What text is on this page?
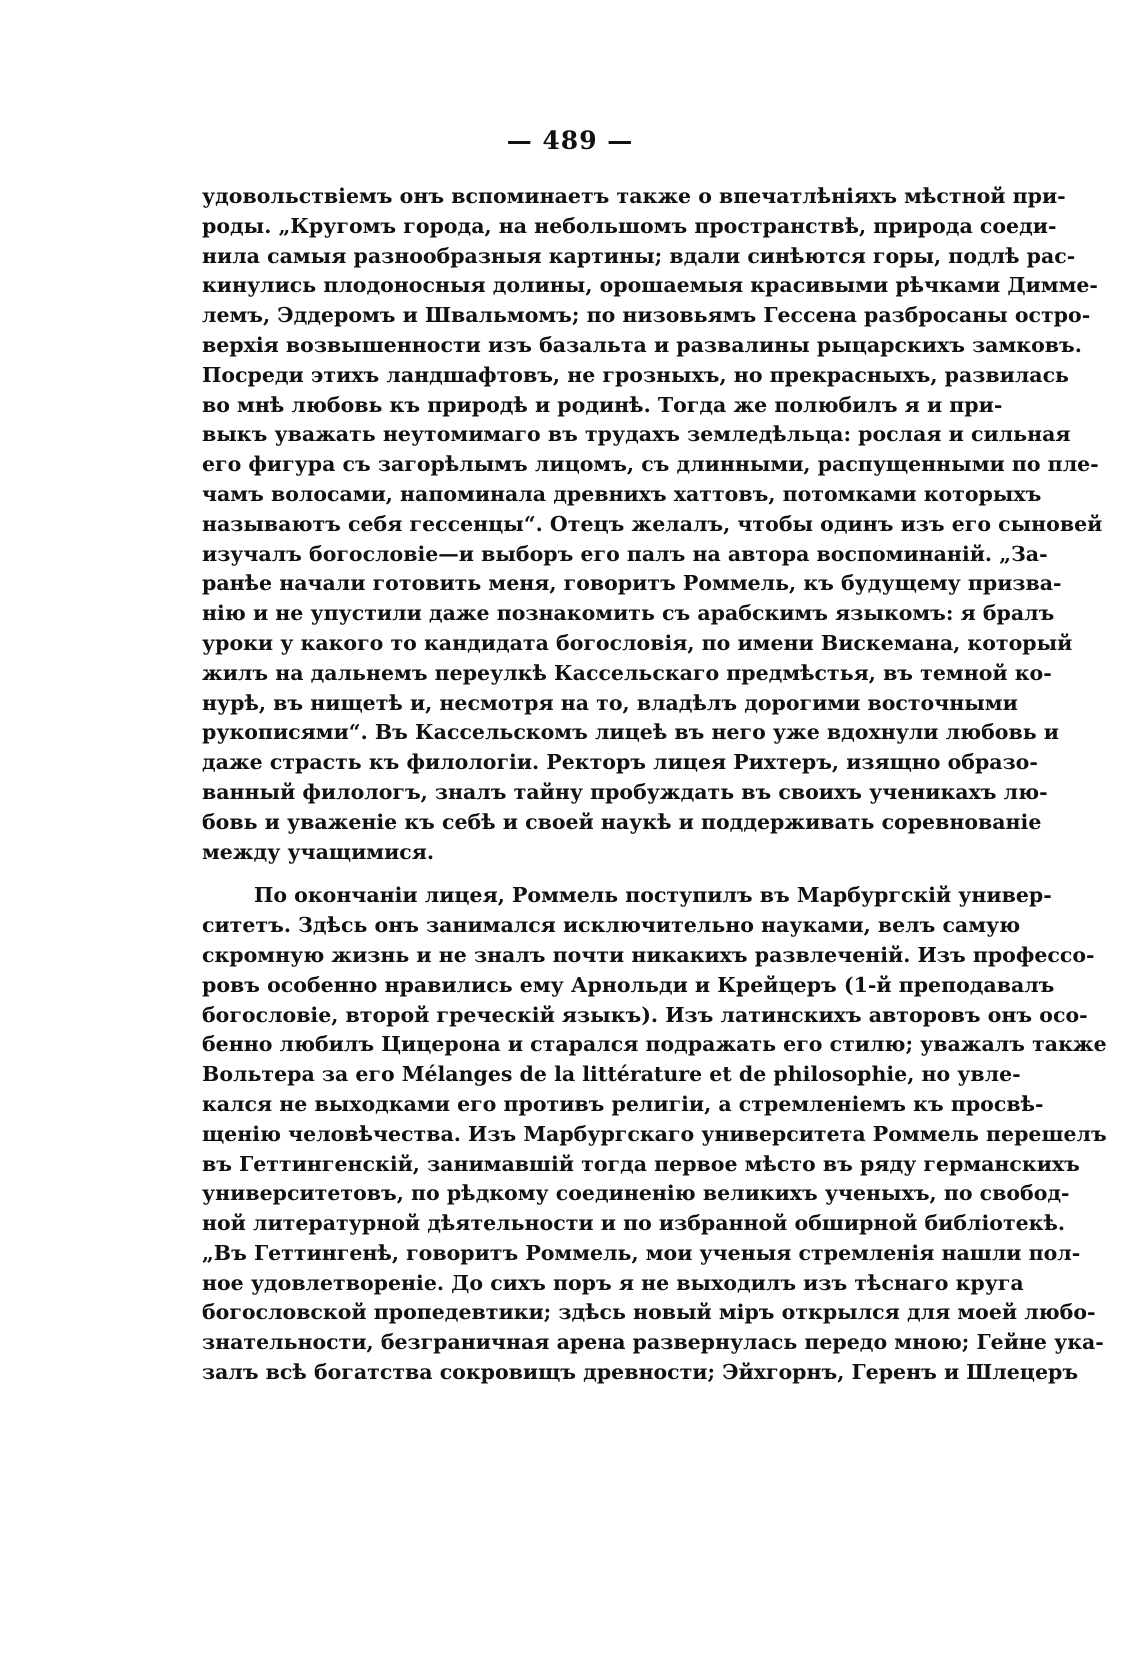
— 489 —
удовольствіемъ онъ вспоминаетъ также о впечатлѣніяхъ мѣстной при-
роды. „Кругомъ города, на небольшомъ пространствѣ, природа соеди-
нила самыя разнообразныя картины; вдали синѣются горы, подлѣ рас-
кинулись плодоносныя долины, орошаемыя красивыми рѣчками Диммe-
лемъ, Эддеромъ и Швальмомъ; по низовьямъ Гессена разбросаны остро-
верхія возвышенности изъ базальта и развалины рыцарскихъ замковъ.
Посреди этихъ ландшафтовъ, не грозныхъ, но прекрасныхъ, развилась
во мнѣ любовь къ природѣ и родинѣ. Тогда же полюбилъ я и при-
выкъ уважать неутомимаго въ трудахъ земледѣльца: рослая и сильная
его фигура съ загорѣлымъ лицомъ, съ длинными, распущенными по пле-
чамъ волосами, напоминала древнихъ хаттовъ, потомками которыхъ
называютъ себя гессенцы“. Отецъ желалъ, чтобы одинъ изъ его сыновей
изучалъ богословіе—и выборъ его палъ на автора воспоминаній. „За-
ранѣе начали готовить меня, говоритъ Роммель, къ будущему призва-
нію и не упустили даже познакомить съ арабскимъ языкомъ: я бралъ
уроки у какого то кандидата богословія, по имени Вискемана, который
жилъ на дальнемъ переулкѣ Кассельскаго предмѣстья, въ темной ко-
нурѣ, въ нищетѣ и, несмотря на то, владѣлъ дорогими восточными
рукописями“. Въ Кассельскомъ лицеѣ въ него уже вдохнули любовь и
даже страсть къ филологіи. Ректоръ лицея Рихтеръ, изящно образо-
ванный филологъ, зналъ тайну пробуждать въ своихъ ученикахъ лю-
бовь и уваженіе къ себѣ и своей наукѣ и поддерживать соревнованіе
между учащимися.
По окончаніи лицея, Роммель поступилъ въ Марбургскій универ-
ситетъ. Здѣсь онъ занимался исключительно науками, велъ самую
скромную жизнь и не зналъ почти никакихъ развлеченій. Изъ профессо-
ровъ особенно нравились ему Арнольди и Крейцеръ (1-й преподавалъ
богословіе, второй греческій языкъ). Изъ латинскихъ авторовъ онъ осо-
бенно любилъ Цицерона и старался подражать его стилю; уважалъ также
Вольтера за его Mélanges de la littérature et de philosophie, но увле-
кался не выходками его противъ религіи, а стремленіемъ къ просвѣ-
щенію человѣчества. Изъ Марбургскаго университета Роммель перешелъ
въ Геттингенскій, занимавшій тогда первое мѣсто въ ряду германскихъ
университетовъ, по рѣдкому соединенію великихъ ученыхъ, по свобод-
ной литературной дѣятельности и по избранной обширной библіотекѣ.
„Въ Геттингенѣ, говоритъ Роммель, мои ученыя стремленія нашли пол-
ное удовлетвореніе. До сихъ поръ я не выходилъ изъ тѣснаго круга
богословской пропедевтики; здѣсь новый міръ открылся для моей любо-
знательности, безграничная арена развернулась передо мною; Гейне ука-
залъ всѣ богатства сокровищъ древности; Эйхгорнъ, Геренъ и Шлецеръ
